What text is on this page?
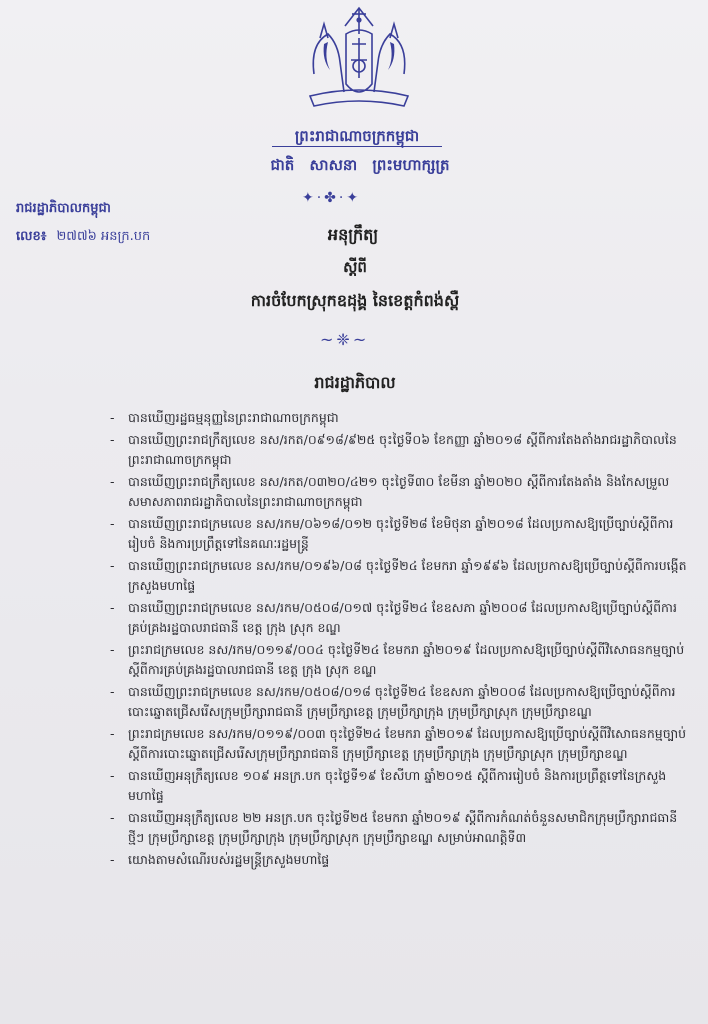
ព្រះរាជាណាចក្រកម្ពុជា
ជាតិ សាសនា ព្រះមហាក្សត្រ
✦·✤·✦
រាជរដ្ឋាភិបាលកម្ពុជា
លេខ៖ ២៧៧៦ អនក្រ.បក	អនុក្រឹត្យ
ស្ដីពី
ការចំបែកស្រុកឧដុង្គ នៃខេត្តកំពង់ស្ពឺ
~❈~
រាជរដ្ឋាភិបាល
- បានឃើញរដ្ឋធម្មនុញ្ញនៃព្រះរាជាណាចក្រកម្ពុជា
- បានឃើញព្រះរាជក្រឹត្យលេខ នស/រកត/០៩១៨/៩២៥ ចុះថ្ងៃទី០៦ ខែកញ្ញា ឆ្នាំ២០១៨ ស្ដីពីការតែងតាំងរាជរដ្ឋាភិបាលនៃព្រះរាជាណាចក្រកម្ពុជា
- បានឃើញព្រះរាជក្រឹត្យលេខ នស/រកត/០៣២០/៤២១ ចុះថ្ងៃទី៣០ ខែមីនា ឆ្នាំ២០២០ ស្ដីពីការតែងតាំង និងកែសម្រួលសមាសភាពរាជរដ្ឋាភិបាលនៃព្រះរាជាណាចក្រកម្ពុជា
- បានឃើញព្រះរាជក្រមលេខ នស/រកម/០៦១៨/០១២ ចុះថ្ងៃទី២៨ ខែមិថុនា ឆ្នាំ២០១៨ ដែលប្រកាសឱ្យប្រើច្បាប់ស្ដីពីការរៀបចំ និងការប្រព្រឹត្តទៅនៃគណៈរដ្ឋមន្ត្រី
- បានឃើញព្រះរាជក្រមលេខ នស/រកម/០១៩៦/០៨ ចុះថ្ងៃទី២៤ ខែមករា ឆ្នាំ១៩៩៦ ដែលប្រកាសឱ្យប្រើច្បាប់ស្ដីពីការបង្កើតក្រសួងមហាផ្ទៃ
- បានឃើញព្រះរាជក្រមលេខ នស/រកម/០៥០៨/០១៧ ចុះថ្ងៃទី២៤ ខែឧសភា ឆ្នាំ២០០៨ ដែលប្រកាសឱ្យប្រើច្បាប់ស្ដីពីការគ្រប់គ្រងរដ្ឋបាលរាជធានី ខេត្ត ក្រុង ស្រុក ខណ្ឌ
- ព្រះរាជក្រមលេខ នស/រកម/០១១៩/០០៤ ចុះថ្ងៃទី២៤ ខែមករា ឆ្នាំ២០១៩ ដែលប្រកាសឱ្យប្រើច្បាប់ស្ដីពីវិសោធនកម្មច្បាប់ស្ដីពីការគ្រប់គ្រងរដ្ឋបាលរាជធានី ខេត្ត ក្រុង ស្រុក ខណ្ឌ
- បានឃើញព្រះរាជក្រមលេខ នស/រកម/០៥០៨/០១៨ ចុះថ្ងៃទី២៤ ខែឧសភា ឆ្នាំ២០០៨ ដែលប្រកាសឱ្យប្រើច្បាប់ស្ដីពីការបោះឆ្នោតជ្រើសរើសក្រុមប្រឹក្សារាជធានី ក្រុមប្រឹក្សាខេត្ត ក្រុមប្រឹក្សាក្រុង ក្រុមប្រឹក្សាស្រុក ក្រុមប្រឹក្សាខណ្ឌ
- ព្រះរាជក្រមលេខ នស/រកម/០១១៩/០០៣ ចុះថ្ងៃទី២៤ ខែមករា ឆ្នាំ២០១៩ ដែលប្រកាសឱ្យប្រើច្បាប់ស្ដីពីវិសោធនកម្មច្បាប់ស្ដីពីការបោះឆ្នោតជ្រើសរើសក្រុមប្រឹក្សារាជធានី ក្រុមប្រឹក្សាខេត្ត ក្រុមប្រឹក្សាក្រុង ក្រុមប្រឹក្សាស្រុក ក្រុមប្រឹក្សាខណ្ឌ
- បានឃើញអនុក្រឹត្យលេខ ១០៩ អនក្រ.បក ចុះថ្ងៃទី១៩ ខែសីហា ឆ្នាំ២០១៥ ស្ដីពីការរៀបចំ និងការប្រព្រឹត្តទៅនៃក្រសួងមហាផ្ទៃ
- បានឃើញអនុក្រឹត្យលេខ ២២ អនក្រ.បក ចុះថ្ងៃទី២៥ ខែមករា ឆ្នាំ២០១៩ ស្ដីពីការកំណត់ចំនួនសមាជិកក្រុមប្រឹក្សារាជធានីថ្មីៗ ក្រុមប្រឹក្សាខេត្ត ក្រុមប្រឹក្សាក្រុង ក្រុមប្រឹក្សាស្រុក ក្រុមប្រឹក្សាខណ្ឌ សម្រាប់អាណត្តិទី៣
- យោងតាមសំណើរបស់រដ្ឋមន្ត្រីក្រសួងមហាផ្ទៃ
